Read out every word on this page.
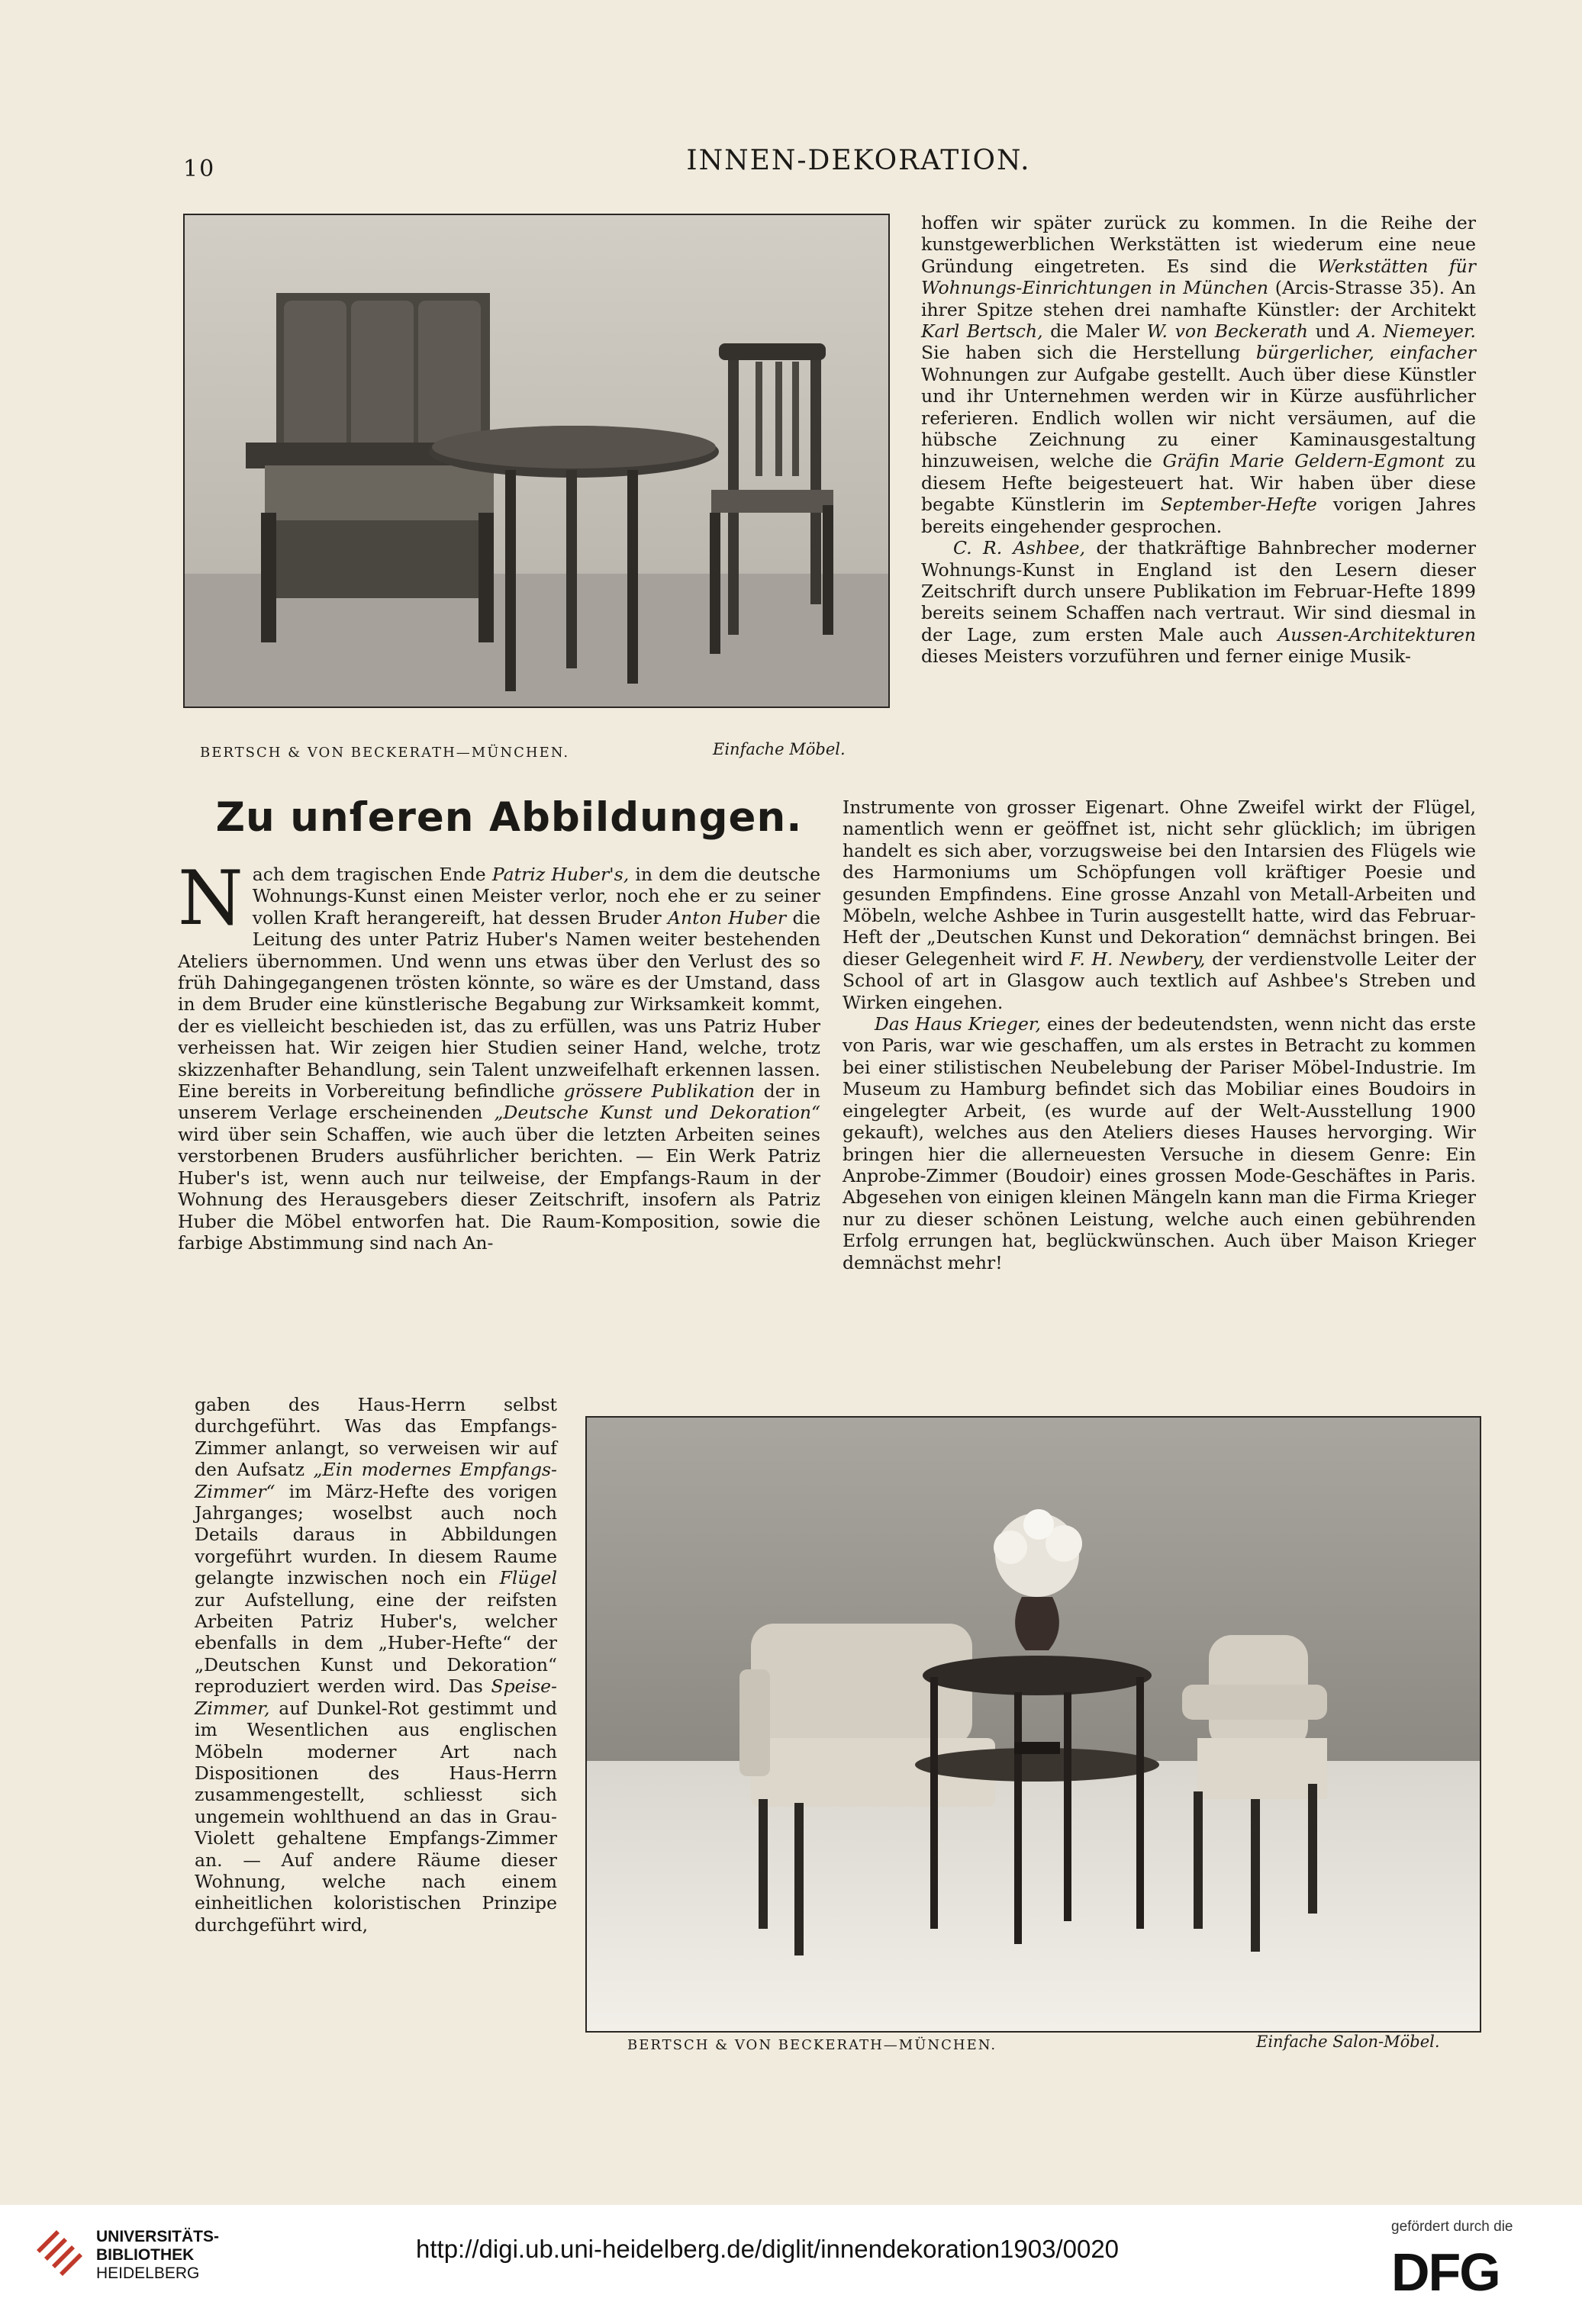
10	INNEN-DEKORATION.
BERTSCH & VON BECKERATH—MÜNCHEN.	Einfache Möbel.

hoffen wir später zurück zu kommen. In die Reihe der kunstgewerblichen Werkstätten ist wiederum eine neue Gründung eingetreten. Es sind die Werkstätten für Wohnungs-Einrichtungen in München (Arcis-Strasse 35). An ihrer Spitze stehen drei namhafte Künstler: der Architekt Karl Bertsch, die Maler W. von Beckerath und A. Niemeyer. Sie haben sich die Herstellung bürgerlicher, einfacher Wohnungen zur Aufgabe gestellt. Auch über diese Künstler und ihr Unternehmen werden wir in Kürze ausführlicher referieren. Endlich wollen wir nicht versäumen, auf die hübsche Zeichnung zu einer Kaminausgestaltung hinzuweisen, welche die Gräfin Marie Geldern-Egmont zu diesem Hefte beigesteuert hat. Wir haben über diese begabte Künstlerin im September-Hefte vorigen Jahres bereits eingehender gesprochen.

C. R. Ashbee, der thatkräftige Bahnbrecher moderner Wohnungs-Kunst in England ist den Lesern dieser Zeitschrift durch unsere Publikation im Februar-Hefte 1899 bereits seinem Schaffen nach vertraut. Wir sind diesmal in der Lage, zum ersten Male auch Aussen-Architekturen dieses Meisters vorzuführen und ferner einige Musik-

Instrumente von grosser Eigenart. Ohne Zweifel wirkt der Flügel, namentlich wenn er geöffnet ist, nicht sehr glücklich; im übrigen handelt es sich aber, vorzugsweise bei den Intarsien des Flügels wie des Harmoniums um Schöpfungen voll kräftiger Poesie und gesunden Empfindens. Eine grosse Anzahl von Metall-Arbeiten und Möbeln, welche Ashbee in Turin ausgestellt hatte, wird das Februar-Heft der „Deutschen Kunst und Dekoration“ demnächst bringen. Bei dieser Gelegenheit wird F. H. Newbery, der verdienstvolle Leiter der School of art in Glasgow auch textlich auf Ashbee's Streben und Wirken eingehen.

Das Haus Krieger, eines der bedeutendsten, wenn nicht das erste von Paris, war wie geschaffen, um als erstes in Betracht zu kommen bei einer stilistischen Neubelebung der Pariser Möbel-Industrie. Im Museum zu Hamburg befindet sich das Mobiliar eines Boudoirs in eingelegter Arbeit, (es wurde auf der Welt-Ausstellung 1900 gekauft), welches aus den Ateliers dieses Hauses hervorging. Wir bringen hier die allerneuesten Versuche in diesem Genre: Ein Anprobe-Zimmer (Boudoir) eines grossen Mode-Geschäftes in Paris. Abgesehen von einigen kleinen Mängeln kann man die Firma Krieger nur zu dieser schönen Leistung, welche auch einen gebührenden Erfolg errungen hat, beglückwünschen. Auch über Maison Krieger demnächst mehr!

Zu unſeren Abbildungen.

Nach dem tragischen Ende Patriz Huber's, in dem die deutsche Wohnungs-Kunst einen Meister verlor, noch ehe er zu seiner vollen Kraft herangereift, hat dessen Bruder Anton Huber die Leitung des unter Patriz Huber's Namen weiter bestehenden Ateliers übernommen. Und wenn uns etwas über den Verlust des so früh Dahingegangenen trösten könnte, so wäre es der Umstand, dass in dem Bruder eine künstlerische Begabung zur Wirksamkeit kommt, der es vielleicht beschieden ist, das zu erfüllen, was uns Patriz Huber verheissen hat. Wir zeigen hier Studien seiner Hand, welche, trotz skizzenhafter Behandlung, sein Talent unzweifelhaft erkennen lassen. Eine bereits in Vorbereitung befindliche grössere Publikation der in unserem Verlage erscheinenden „Deutsche Kunst und Dekoration“ wird über sein Schaffen, wie auch über die letzten Arbeiten seines verstorbenen Bruders ausführlicher berichten. — Ein Werk Patriz Huber's ist, wenn auch nur teilweise, der Empfangs-Raum in der Wohnung des Herausgebers dieser Zeitschrift, insofern als Patriz Huber die Möbel entworfen hat. Die Raum-Komposition, sowie die farbige Abstimmung sind nach An-

gaben des Haus-Herrn selbst durchgeführt. Was das Empfangs-Zimmer anlangt, so verweisen wir auf den Aufsatz „Ein modernes Empfangs-Zimmer“ im März-Hefte des vorigen Jahrganges; woselbst auch noch Details daraus in Abbildungen vorgeführt wurden. In diesem Raume gelangte inzwischen noch ein Flügel zur Aufstellung, eine der reifsten Arbeiten Patriz Huber's, welcher ebenfalls in dem „Huber-Hefte“ der „Deutschen Kunst und Dekoration“ reproduziert werden wird. Das Speise-Zimmer, auf Dunkel-Rot gestimmt und im Wesentlichen aus englischen Möbeln moderner Art nach Dispositionen des Haus-Herrn zusammengestellt, schliesst sich ungemein wohlthuend an das in Grau-Violett gehaltene Empfangs-Zimmer an. — Auf andere Räume dieser Wohnung, welche nach einem einheitlichen koloristischen Prinzipe durchgeführt wird,

BERTSCH & VON BECKERATH—MÜNCHEN.	Einfache Salon-Möbel.
UNIVERSITÄTS-
BIBLIOTHEK
HEIDELBERG
http://digi.ub.uni-heidelberg.de/diglit/innendekoration1903/0020
gefördert durch die
DFG
